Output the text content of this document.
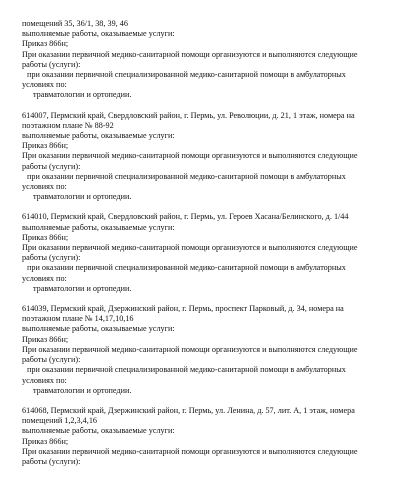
помещений 35, 36/1, 38, 39, 46
выполняемые работы, оказываемые услуги:
Приказ 866н;
При оказании первичной медико-санитарной помощи организуются и выполняются следующие
работы (услуги):
при оказании первичной специализированной медико-санитарной помощи в амбулаторных
условиях по:
травматологии и ортопедии.
614007, Пермский край, Свердловский район, г. Пермь, ул. Революции, д. 21, 1 этаж, номера на
поэтажном плане № 88-92
выполняемые работы, оказываемые услуги:
Приказ 866н;
При оказании первичной медико-санитарной помощи организуются и выполняются следующие
работы (услуги):
при оказании первичной специализированной медико-санитарной помощи в амбулаторных
условиях по:
травматологии и ортопедии.
614010, Пермский край, Свердловский район, г. Пермь, ул. Героев Хасана/Белинского, д. 1/44
выполняемые работы, оказываемые услуги:
Приказ 866н;
При оказании первичной медико-санитарной помощи организуются и выполняются следующие
работы (услуги):
при оказании первичной специализированной медико-санитарной помощи в амбулаторных
условиях по:
травматологии и ортопедии.
614039, Пермский край, Дзержинский район, г. Пермь, проспект Парковый, д. 34, номера на
поэтажном плане № 14,17,10,16
выполняемые работы, оказываемые услуги:
Приказ 866н;
При оказании первичной медико-санитарной помощи организуются и выполняются следующие
работы (услуги):
при оказании первичной специализированной медико-санитарной помощи в амбулаторных
условиях по:
травматологии и ортопедии.
614068, Пермский край, Дзержинский район, г. Пермь, ул. Ленина, д. 57, лит. А, 1 этаж, номера
помещений 1,2,3,4,16
выполняемые работы, оказываемые услуги:
Приказ 866н;
При оказании первичной медико-санитарной помощи организуются и выполняются следующие
работы (услуги):
